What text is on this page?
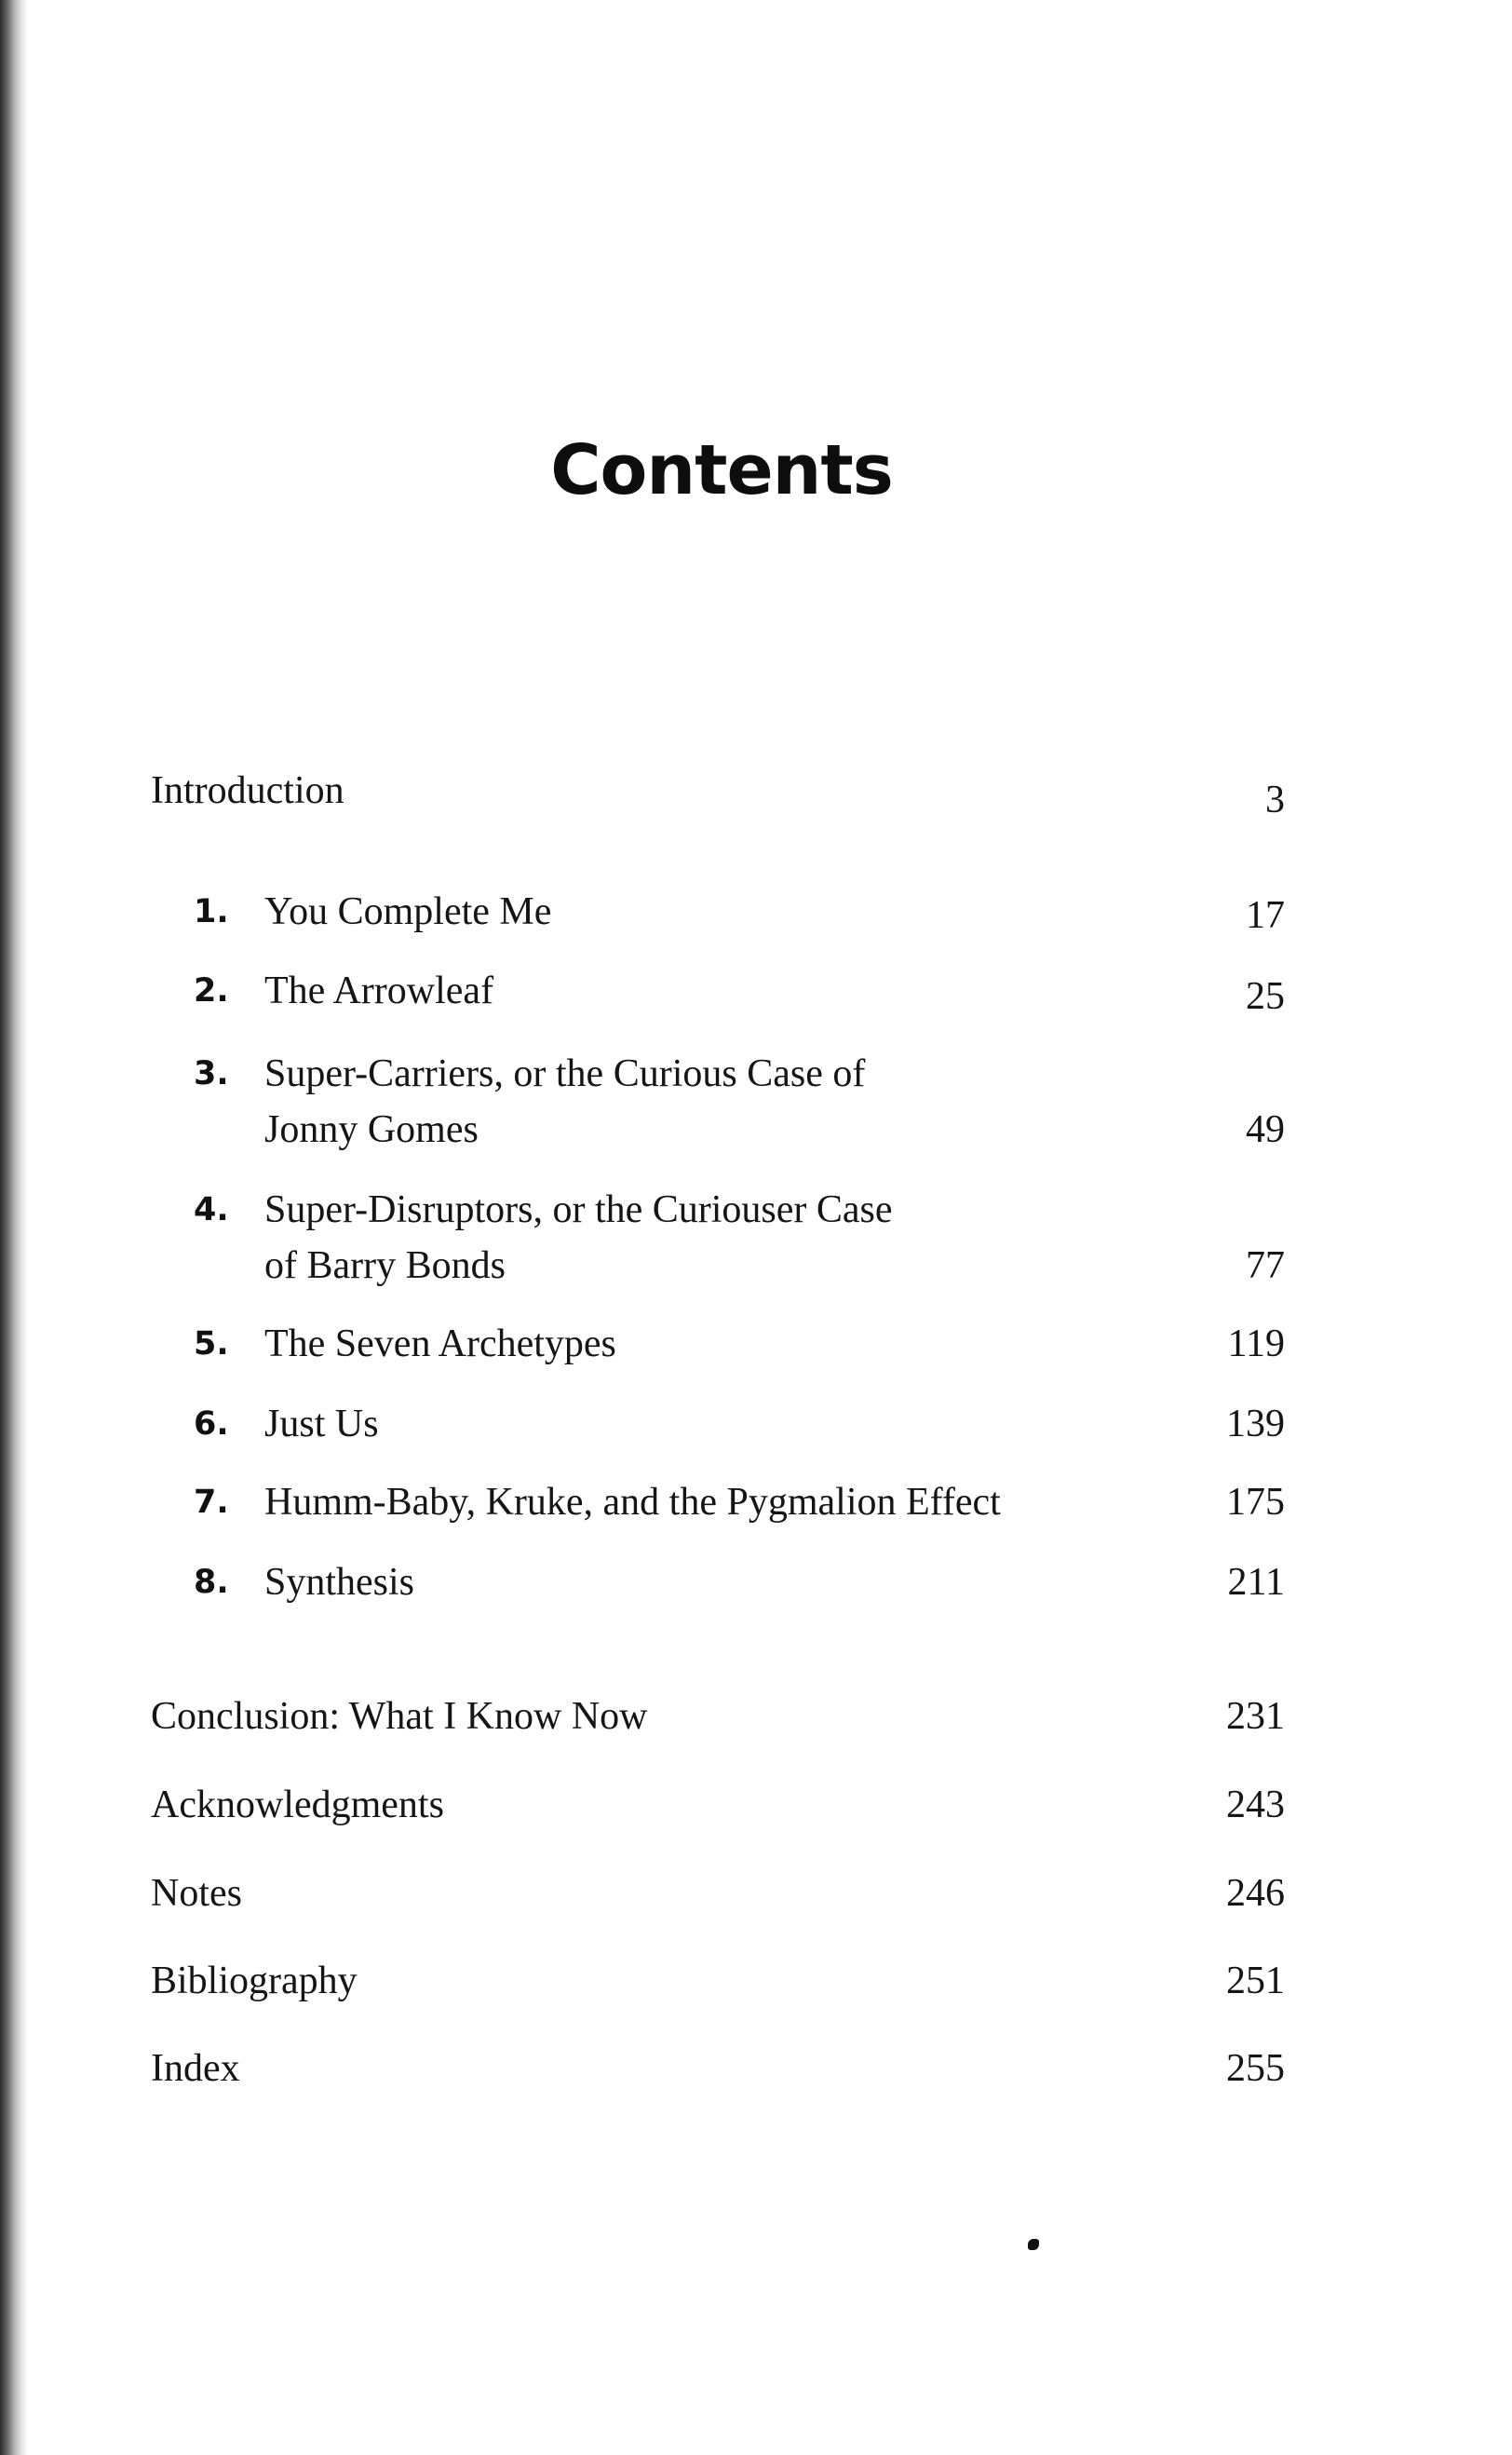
Contents
Introduction	3
1. You Complete Me	17
2. The Arrowleaf	25
3. Super-Carriers, or the Curious Case of
Jonny Gomes	49
4. Super-Disruptors, or the Curiouser Case
of Barry Bonds	77
5. The Seven Archetypes	119
6. Just Us	139
7. Humm-Baby, Kruke, and the Pygmalion Effect	175
8. Synthesis	211
Conclusion: What I Know Now	231
Acknowledgments	243
Notes	246
Bibliography	251
Index	255
